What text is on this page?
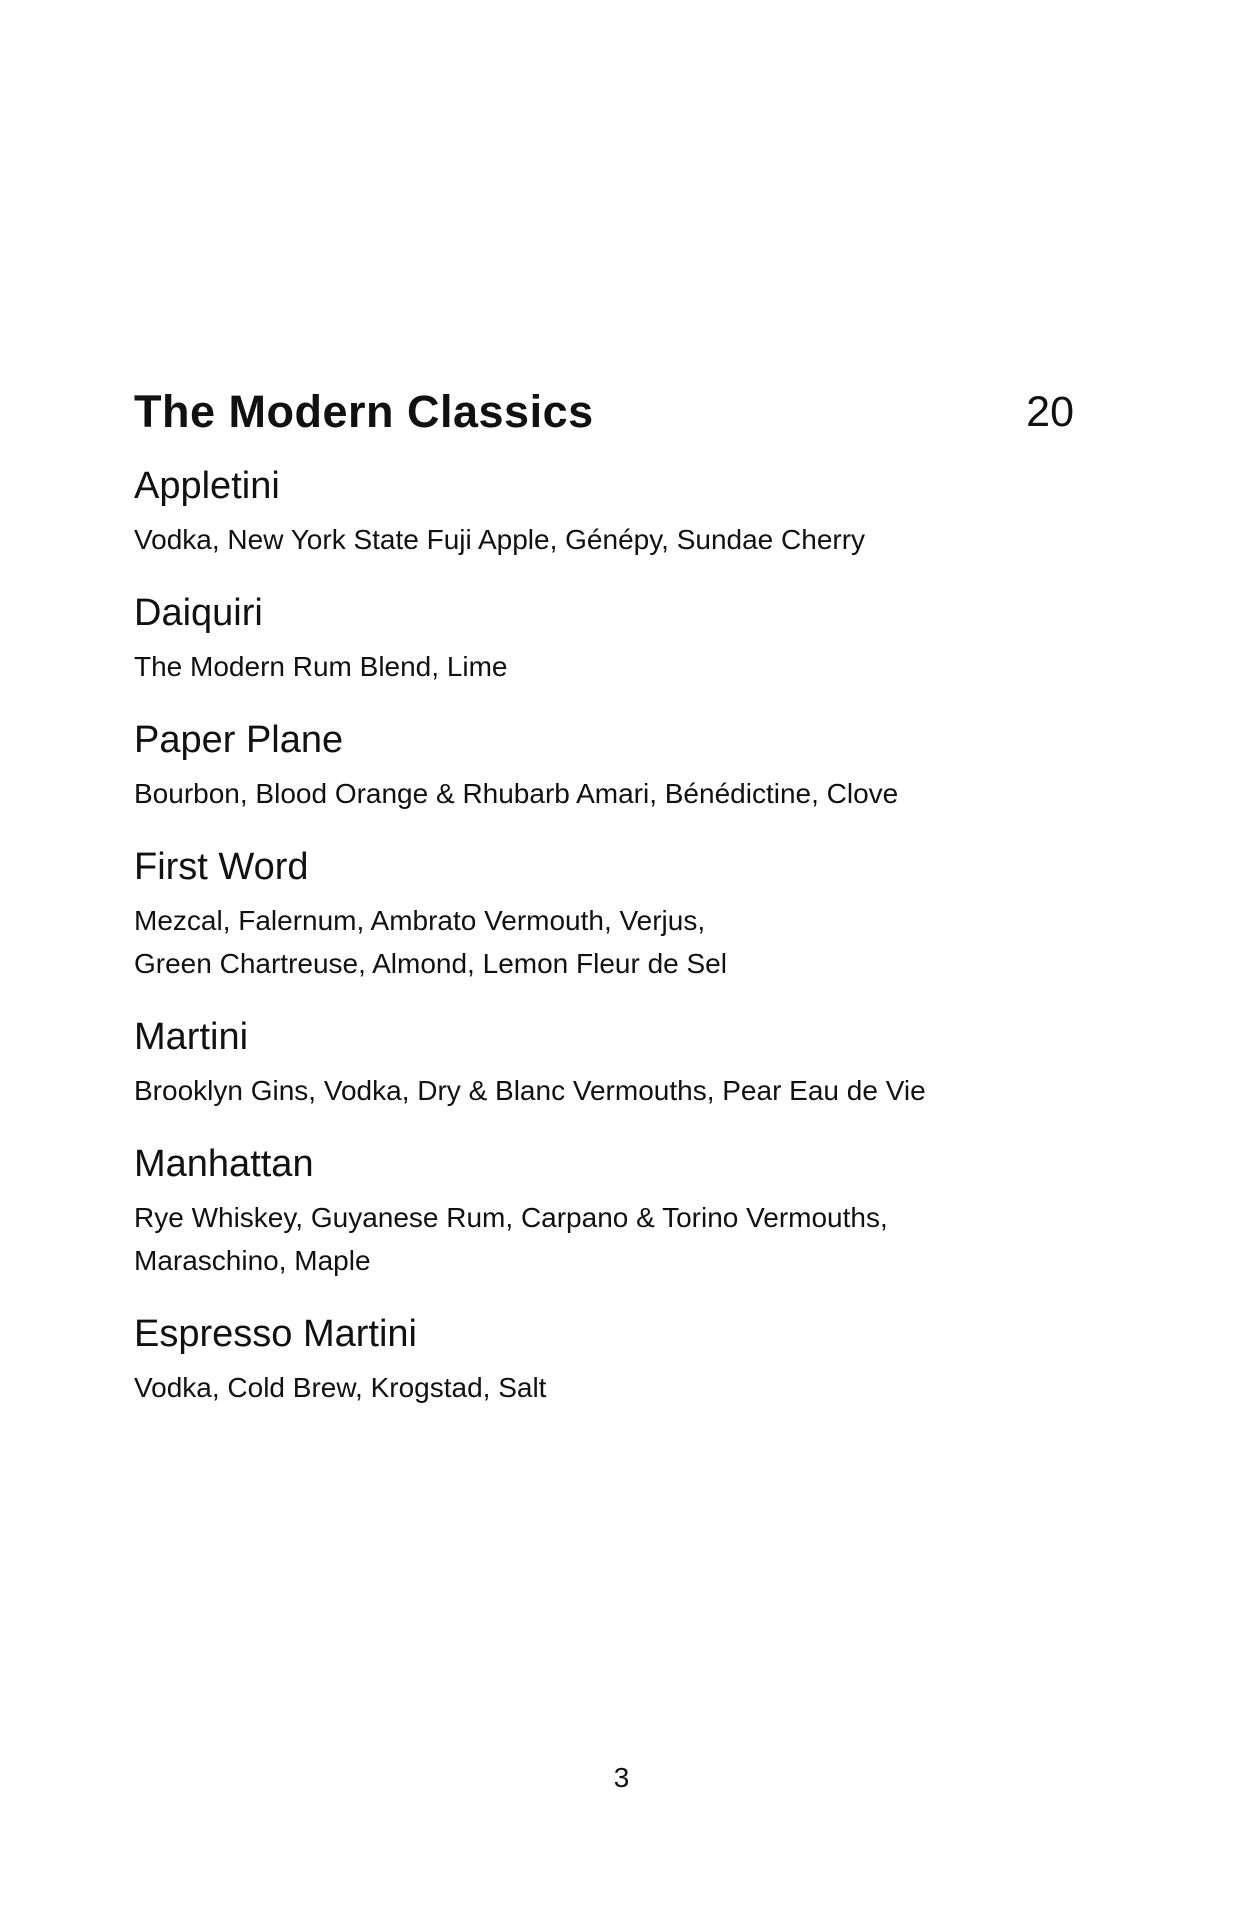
The Modern Classics	20
Appletini
Vodka, New York State Fuji Apple, Génépy, Sundae Cherry
Daiquiri
The Modern Rum Blend, Lime
Paper Plane
Bourbon, Blood Orange & Rhubarb Amari, Bénédictine, Clove
First Word
Mezcal, Falernum, Ambrato Vermouth, Verjus,
Green Chartreuse, Almond, Lemon Fleur de Sel
Martini
Brooklyn Gins, Vodka, Dry & Blanc Vermouths, Pear Eau de Vie
Manhattan
Rye Whiskey, Guyanese Rum, Carpano & Torino Vermouths,
Maraschino, Maple
Espresso Martini
Vodka, Cold Brew, Krogstad, Salt
3
